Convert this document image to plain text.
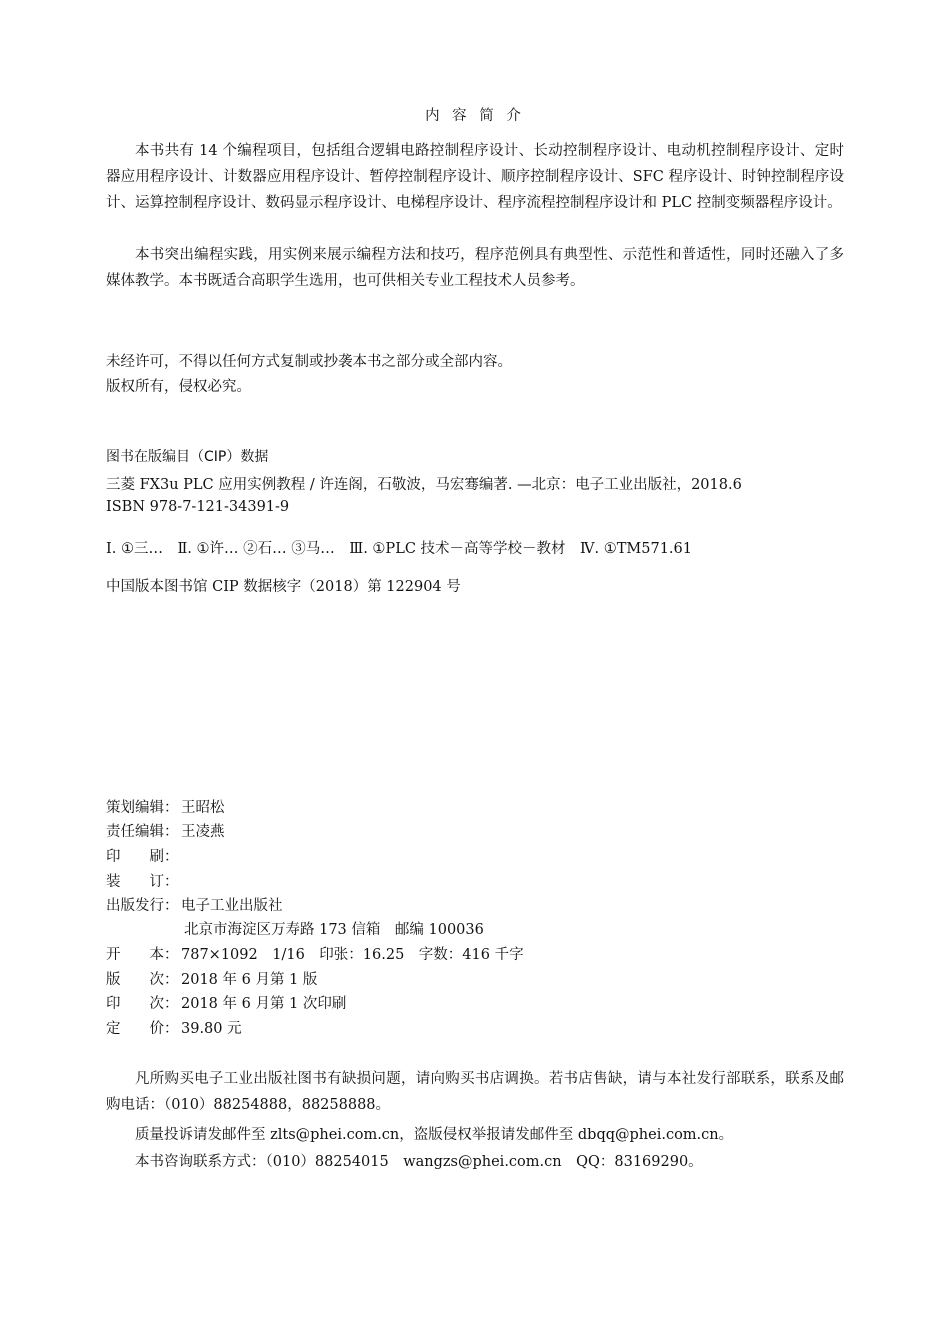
内 容 简 介

本书共有 14 个编程项目，包括组合逻辑电路控制程序设计、长动控制程序设计、电动机控制程序设计、定时器应用程序设计、计数器应用程序设计、暂停控制程序设计、顺序控制程序设计、SFC 程序设计、时钟控制程序设计、运算控制程序设计、数码显示程序设计、电梯程序设计、程序流程控制程序设计和 PLC 控制变频器程序设计。

本书突出编程实践，用实例来展示编程方法和技巧，程序范例具有典型性、示范性和普适性，同时还融入了多媒体教学。本书既适合高职学生选用，也可供相关专业工程技术人员参考。

未经许可，不得以任何方式复制或抄袭本书之部分或全部内容。
版权所有，侵权必究。
图书在版编目（CIP）数据
三菱 FX3u PLC 应用实例教程 / 许连阁，石敬波，马宏骞编著. —北京：电子工业出版社，2018.6
ISBN 978-7-121-34391-9
Ⅰ. ①三…　Ⅱ. ①许… ②石… ③马…　Ⅲ. ①PLC 技术－高等学校－教材　Ⅳ. ①TM571.61
中国版本图书馆 CIP 数据核字（2018）第 122904 号
策划编辑： 王昭松
责任编辑： 王凌燕
印　　刷：
装　　订：
出版发行： 电子工业出版社
北京市海淀区万寿路 173 信箱　邮编 100036
开　　本： 787×1092　1/16　印张：16.25　字数：416 千字
版　　次： 2018 年 6 月第 1 版
印　　次： 2018 年 6 月第 1 次印刷
定　　价： 39.80 元

凡所购买电子工业出版社图书有缺损问题，请向购买书店调换。若书店售缺，请与本社发行部联系，联系及邮购电话：（010）88254888，88258888。

质量投诉请发邮件至 zlts@phei.com.cn，盗版侵权举报请发邮件至 dbqq@phei.com.cn。

本书咨询联系方式：（010）88254015　wangzs@phei.com.cn　QQ：83169290。
